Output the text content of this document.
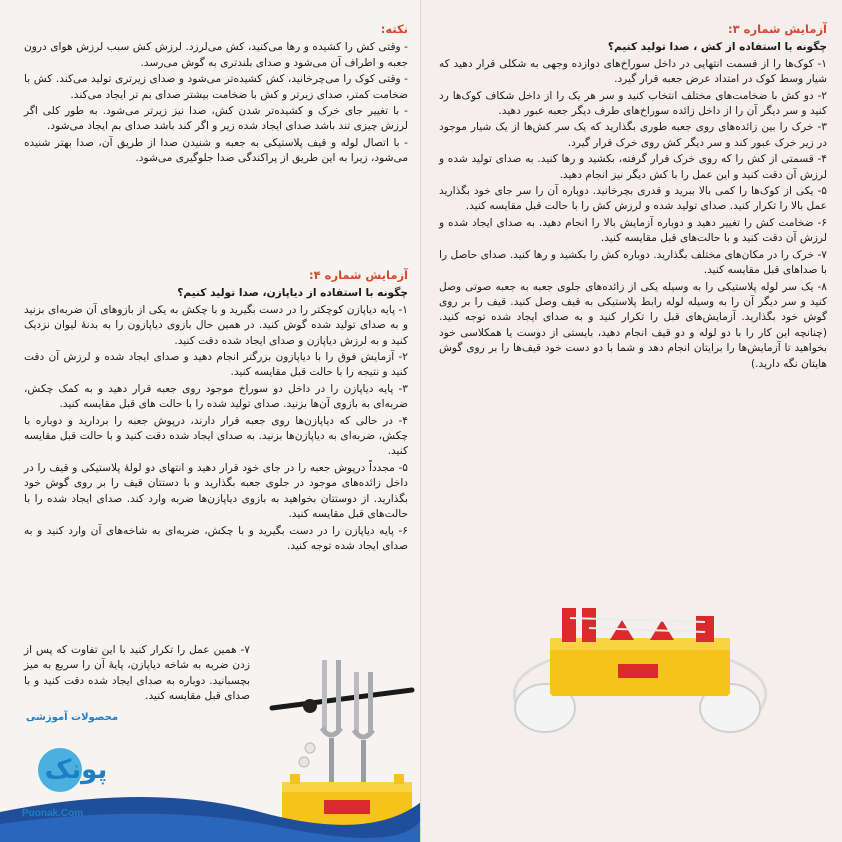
نکته:
- وقتی کش را کشیده و رها می‌کنید، کش می‌لرزد. لرزش کش سبب لرزش هوای درون جعبه و اطراف آن می‌شود و صدای بلندتری به گوش می‌رسد.
- وقتی کوک را می‌چرخانید، کش کشیده‌تر می‌شود و صدای زیرتری تولید می‌کند. کش با ضخامت کمتر، صدای زیرتر و کش با ضخامت بیشتر صدای بم تر ایجاد می‌کند.
- با تغییر جای خرک و کشیده‌تر شدن کش، صدا نیز زیرتر می‌شود. به طور کلی اگر لرزش چیزی تند باشد صدای ایجاد شده زیر و اگر کند باشد صدای بم ایجاد می‌شود.
- با اتصال لوله و قیف پلاستیکی به جعبه و شنیدن صدا از طریق آن، صدا بهتر شنیده می‌شود، زیرا به این طریق از پراکندگی صدا جلوگیری می‌شود.
آزمایش شماره ۴:
چگونه با استفاده از دیاپازن، صدا تولید کنیم؟
۱- پایه دیاپازن کوچکتر را در دست بگیرید و با چکش به یکی از بازوهای آن ضربه‌ای بزنید و به صدای تولید شده گوش کنید. در همین حال بازوی دیاپازون را به بدنهٔ لیوان نزدیک کنید و به لرزش دیاپازن و صدای ایجاد شده دقت کنید.
۲- آزمایش فوق را با دیاپازون بزرگتر انجام دهید و صدای ایجاد شده و لرزش آن دقت کنید و نتیجه را با حالت قبل مقایسه کنید.
۳- پایه دیاپازن را در داخل دو سوراخ موجود روی جعبه قرار دهید و به کمک چکش، ضربه‌ای به بازوی آن‌ها بزنید. صدای تولید شده را با حالت های قبل مقایسه کنید.
۴- در حالی که دیاپازن‌ها روی جعبه قرار دارند، درپوش جعبه را بردارید و دوباره با چکش، ضربه‌ای به دیاپازن‌ها بزنید. به صدای ایجاد شده دقت کنید و با حالت قبل مقایسه کنید.
۵- مجدداً درپوش جعبه را در جای خود قرار دهید و انتهای دو لولهٔ پلاستیکی و قیف را در داخل زائده‌های موجود در جلوی جعبه بگذارید و با دستتان قیف را بر روی گوش خود بگذارید. از دوستتان بخواهید به بازوی دیاپازن‌ها ضربه وارد کند. صدای ایجاد شده را با حالت‌های قبل مقایسه کنید.
۶- پایه دیاپازن را در دست بگیرید و با چکش، ضربه‌ای به شاخه‌های آن وارد کنید و به صدای ایجاد شده توجه کنید.
۷- همین عمل را تکرار کنید با این تفاوت که پس از زدن ضربه به شاخه دیاپازن، پایهٔ آن را سریع به میز بچسبانید. دوباره به صدای ایجاد شده دقت کنید و با صدای قبل مقایسه کنید.
محصولات آموزشی
پونک
Puonak.Com
آزمایش شماره ۳:
چگونه با استفاده از کش ، صدا تولید کنیم؟
۱- کوک‌ها را از قسمت انتهایی در داخل سوراخ‌های دوازده وجهی به شکلی قرار دهید که شیار وسط کوک در امتداد عرض جعبه قرار گیرد.
۲- دو کش با ضخامت‌های مختلف انتخاب کنید و سر هر یک را از داخل شکاف کوک‌ها رد کنید و سر دیگر آن را از داخل زائده سوراخ‌های طرف دیگر جعبه عبور دهید.
۳- خرک را بین زائده‌های روی جعبه طوری بگذارید که یک سر کش‌ها از یک شیار موجود در زیر خرک عبور کند و سر دیگر کش روی خرک قرار گیرد.
۴- قسمتی از کش را که روی خرک قرار گرفته، بکشید و رها کنید. به صدای تولید شده و لرزش آن دقت کنید و این عمل را با کش دیگر نیز انجام دهید.
۵- یکی از کوک‌ها را کمی بالا ببرید و قدری بچرخانید. دوباره آن را سر جای خود بگذارید عمل بالا را تکرار کنید. صدای تولید شده و لرزش کش را با حالت قبل مقایسه کنید.
۶- ضخامت کش را تغییر دهید و دوباره آزمایش بالا را انجام دهید. به صدای ایجاد شده و لرزش آن دقت کنید و با حالت‌های قبل مقایسه کنید.
۷- خرک را در مکان‌های مختلف بگذارید. دوباره کش را بکشید و رها کنید. صدای حاصل را با صداهای قبل مقایسه کنید.
۸- یک سر لوله پلاستیکی را به وسیله یکی از زائده‌های جلوی جعبه به جعبه صوتی وصل کنید و سر دیگر آن را به وسیله لوله رابط پلاستیکی به قیف وصل کنید. قیف را بر روی گوش خود بگذارید. آزمایش‌های قبل را تکرار کنید و به صدای ایجاد شده توجه کنید. (چنانچه این کار را با دو لوله و دو قیف انجام دهید، بایستی از دوست یا همکلاسی خود بخواهید تا آزمایش‌ها را برایتان انجام دهد و شما با دو دست خود قیف‌ها را بر روی گوش هایتان نگه دارید.)
